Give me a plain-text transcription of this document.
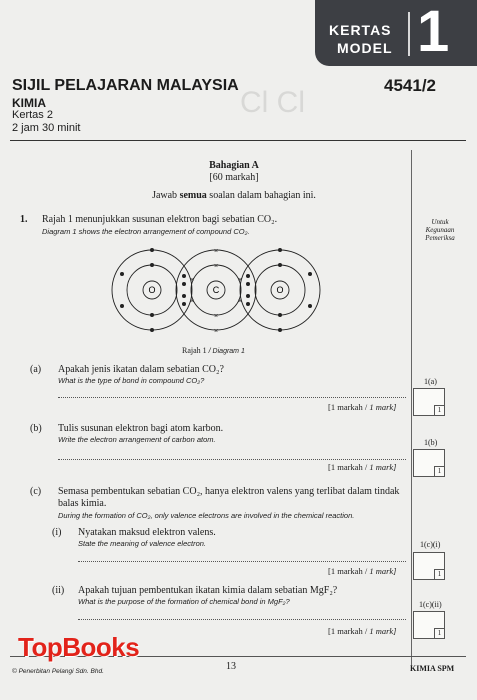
Cl Cl
KERTAS
MODEL 1
SIJIL PELAJARAN MALAYSIA	4541/2
KIMIA
Kertas 2
2 jam 30 minit
Bahagian A
[60 markah]
Jawab semua soalan dalam bahagian ini.
Untuk
Kegunaan
Pemeriksa
1. Rajah 1 menunjukkan susunan elektron bagi sebatian CO₂.
Diagram 1 shows the electron arrangement of compound CO₂.
O	C	O
×
×
×
×
×
×
×
×
Rajah 1 / Diagram 1
(a) Apakah jenis ikatan dalam sebatian CO₂?
What is the type of bond in compound CO₂?
[1 markah / 1 mark]
1(a)
1
(b) Tulis susunan elektron bagi atom karbon.
Write the electron arrangement of carbon atom.
[1 markah / 1 mark]
1(b)
1
(c) Semasa pembentukan sebatian CO₂, hanya elektron valens yang terlibat dalam tindak balas kimia.
During the formation of CO₂, only valence electrons are involved in the chemical reaction.
(i) Nyatakan maksud elektron valens.
State the meaning of valence electron.
[1 markah / 1 mark]
1(c)(i)
1
(ii) Apakah tujuan pembentukan ikatan kimia dalam sebatian MgF₂?
What is the purpose of the formation of chemical bond in MgF₂?
[1 markah / 1 mark]
1(c)(ii)
1
© Penerbitan Pelangi Sdn. Bhd.	13	KIMIA SPM
TopBooks
